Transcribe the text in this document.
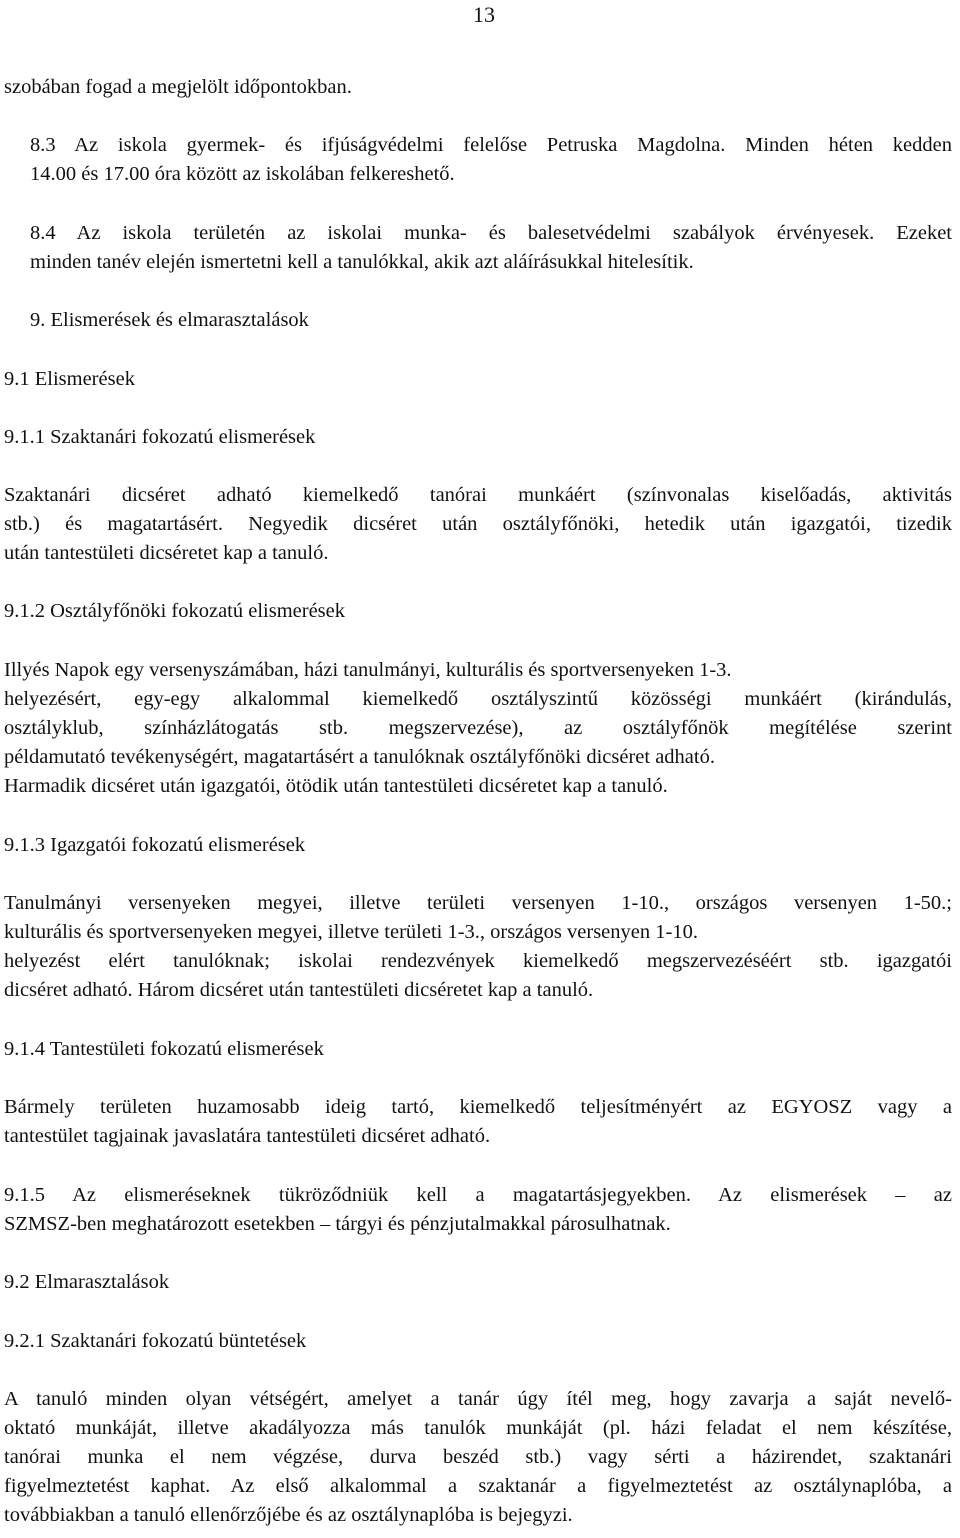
13

szobában fogad a megjelölt időpontokban.

8.3 Az iskola gyermek- és ifjúságvédelmi felelőse Petruska Magdolna. Minden héten kedden

14.00 és 17.00 óra között az iskolában felkereshető.

8.4 Az iskola területén az iskolai munka- és balesetvédelmi szabályok érvényesek. Ezeket

minden tanév elején ismertetni kell a tanulókkal, akik azt aláírásukkal hitelesítik.

9. Elismerések és elmarasztalások

9.1 Elismerések

9.1.1 Szaktanári fokozatú elismerések

Szaktanári dicséret adható kiemelkedő tanórai munkáért (színvonalas kiselőadás, aktivitás

stb.) és magatartásért. Negyedik dicséret után osztályfőnöki, hetedik után igazgatói, tizedik

után tantestületi dicséretet kap a tanuló.

9.1.2 Osztályfőnöki fokozatú elismerések

Illyés Napok egy versenyszámában, házi tanulmányi, kulturális és sportversenyeken 1-3.

helyezésért, egy-egy alkalommal kiemelkedő osztályszintű közösségi munkáért (kirándulás,

osztályklub, színházlátogatás stb. megszervezése), az osztályfőnök megítélése szerint

példamutató tevékenységért, magatartásért a tanulóknak osztályfőnöki dicséret adható.

Harmadik dicséret után igazgatói, ötödik után tantestületi dicséretet kap a tanuló.

9.1.3 Igazgatói fokozatú elismerések

Tanulmányi versenyeken megyei, illetve területi versenyen 1-10., országos versenyen 1-50.;

kulturális és sportversenyeken megyei, illetve területi 1-3., országos versenyen 1-10.

helyezést elért tanulóknak; iskolai rendezvények kiemelkedő megszervezéséért stb. igazgatói

dicséret adható. Három dicséret után tantestületi dicséretet kap a tanuló.

9.1.4 Tantestületi fokozatú elismerések

Bármely területen huzamosabb ideig tartó, kiemelkedő teljesítményért az EGYOSZ vagy a

tantestület tagjainak javaslatára tantestületi dicséret adható.

9.1.5 Az elismeréseknek tükröződniük kell a magatartásjegyekben. Az elismerések – az

SZMSZ-ben meghatározott esetekben – tárgyi és pénzjutalmakkal párosulhatnak.

9.2 Elmarasztalások

9.2.1 Szaktanári fokozatú büntetések

A tanuló minden olyan vétségért, amelyet a tanár úgy ítél meg, hogy zavarja a saját nevelő-

oktató munkáját, illetve akadályozza más tanulók munkáját (pl. házi feladat el nem készítése,

tanórai munka el nem végzése, durva beszéd stb.) vagy sérti a házirendet, szaktanári

figyelmeztetést kaphat. Az első alkalommal a szaktanár a figyelmeztetést az osztálynaplóba, a

továbbiakban a tanuló ellenőrzőjébe és az osztálynaplóba is bejegyzi.
